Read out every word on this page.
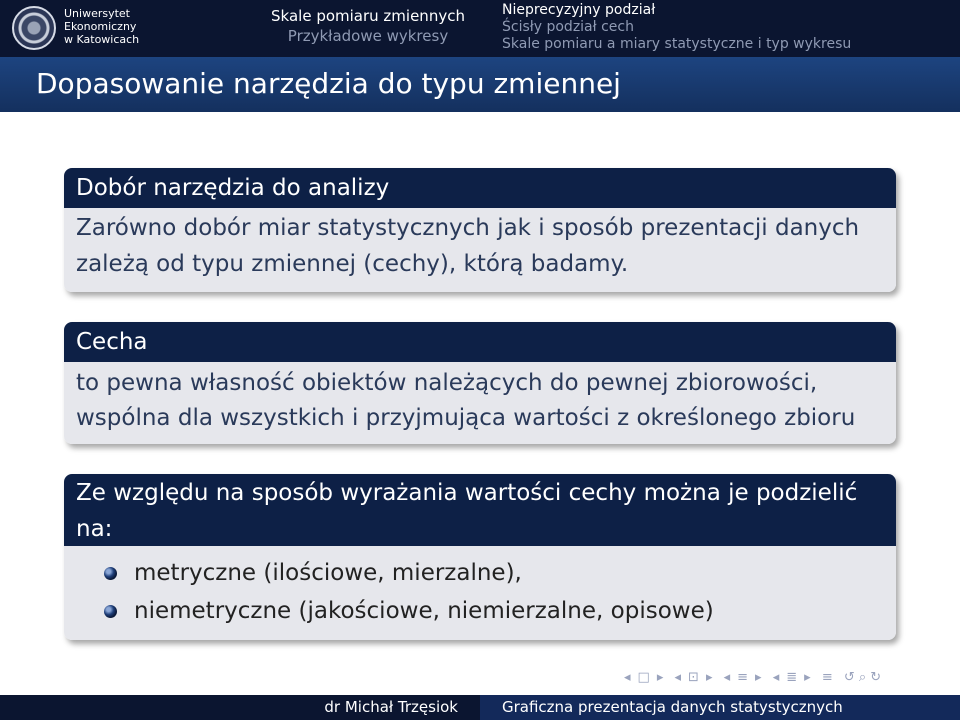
Uniwersytet
Ekonomiczny
w Katowicach
Skale pomiaru zmiennych
Przykładowe wykresy
Nieprecyzyjny podział
Ścisły podział cech
Skale pomiaru a miary statystyczne i typ wykresu
Dopasowanie narzędzia do typu zmiennej
Dobór narzędzia do analizy
Zarówno dobór miar statystycznych jak i sposób prezentacji danych
zależą od typu zmiennej (cechy), którą badamy.
Cecha
to pewna własność obiektów należących do pewnej zbiorowości,
wspólna dla wszystkich i przyjmująca wartości z określonego zbioru
Ze względu na sposób wyrażania wartości cechy można je podzielić
na:
metryczne (ilościowe, mierzalne),
niemetryczne (jakościowe, niemierzalne, opisowe)
◂ □ ▸ ◂ ⊡ ▸ ◂ ≡ ▸ ◂ ≣ ▸ ≡ ↺ ⌕ ↻
dr Michał Trzęsiok	Graficzna prezentacja danych statystycznych
